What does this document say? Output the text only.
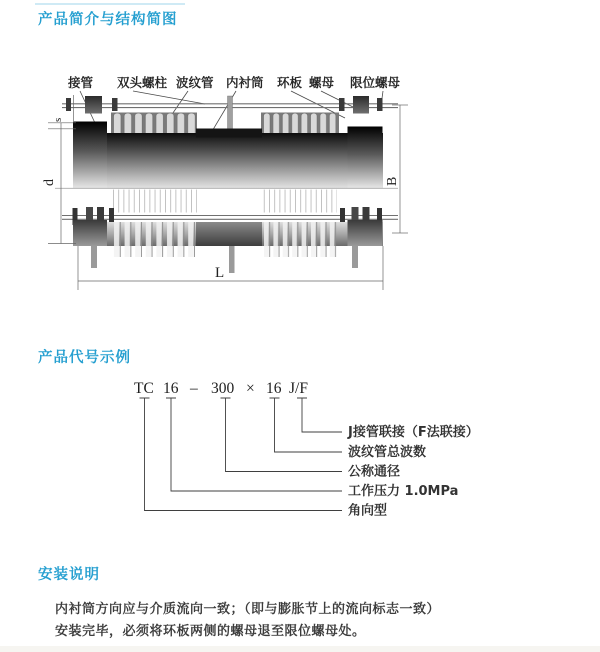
产品简介与结构简图
接管 双头螺柱 波纹管 内衬筒 环板 螺母 限位螺母
s
d	B
L
产品代号示例
TC 16 – 300 × 16 J/F
J接管联接（F法联接）
波纹管总波数
公称通径
工作压力 1.0MPa
角向型
安装说明
内衬筒方向应与介质流向一致；（即与膨胀节上的流向标志一致）
安装完毕，必须将环板两侧的螺母退至限位螺母处。
